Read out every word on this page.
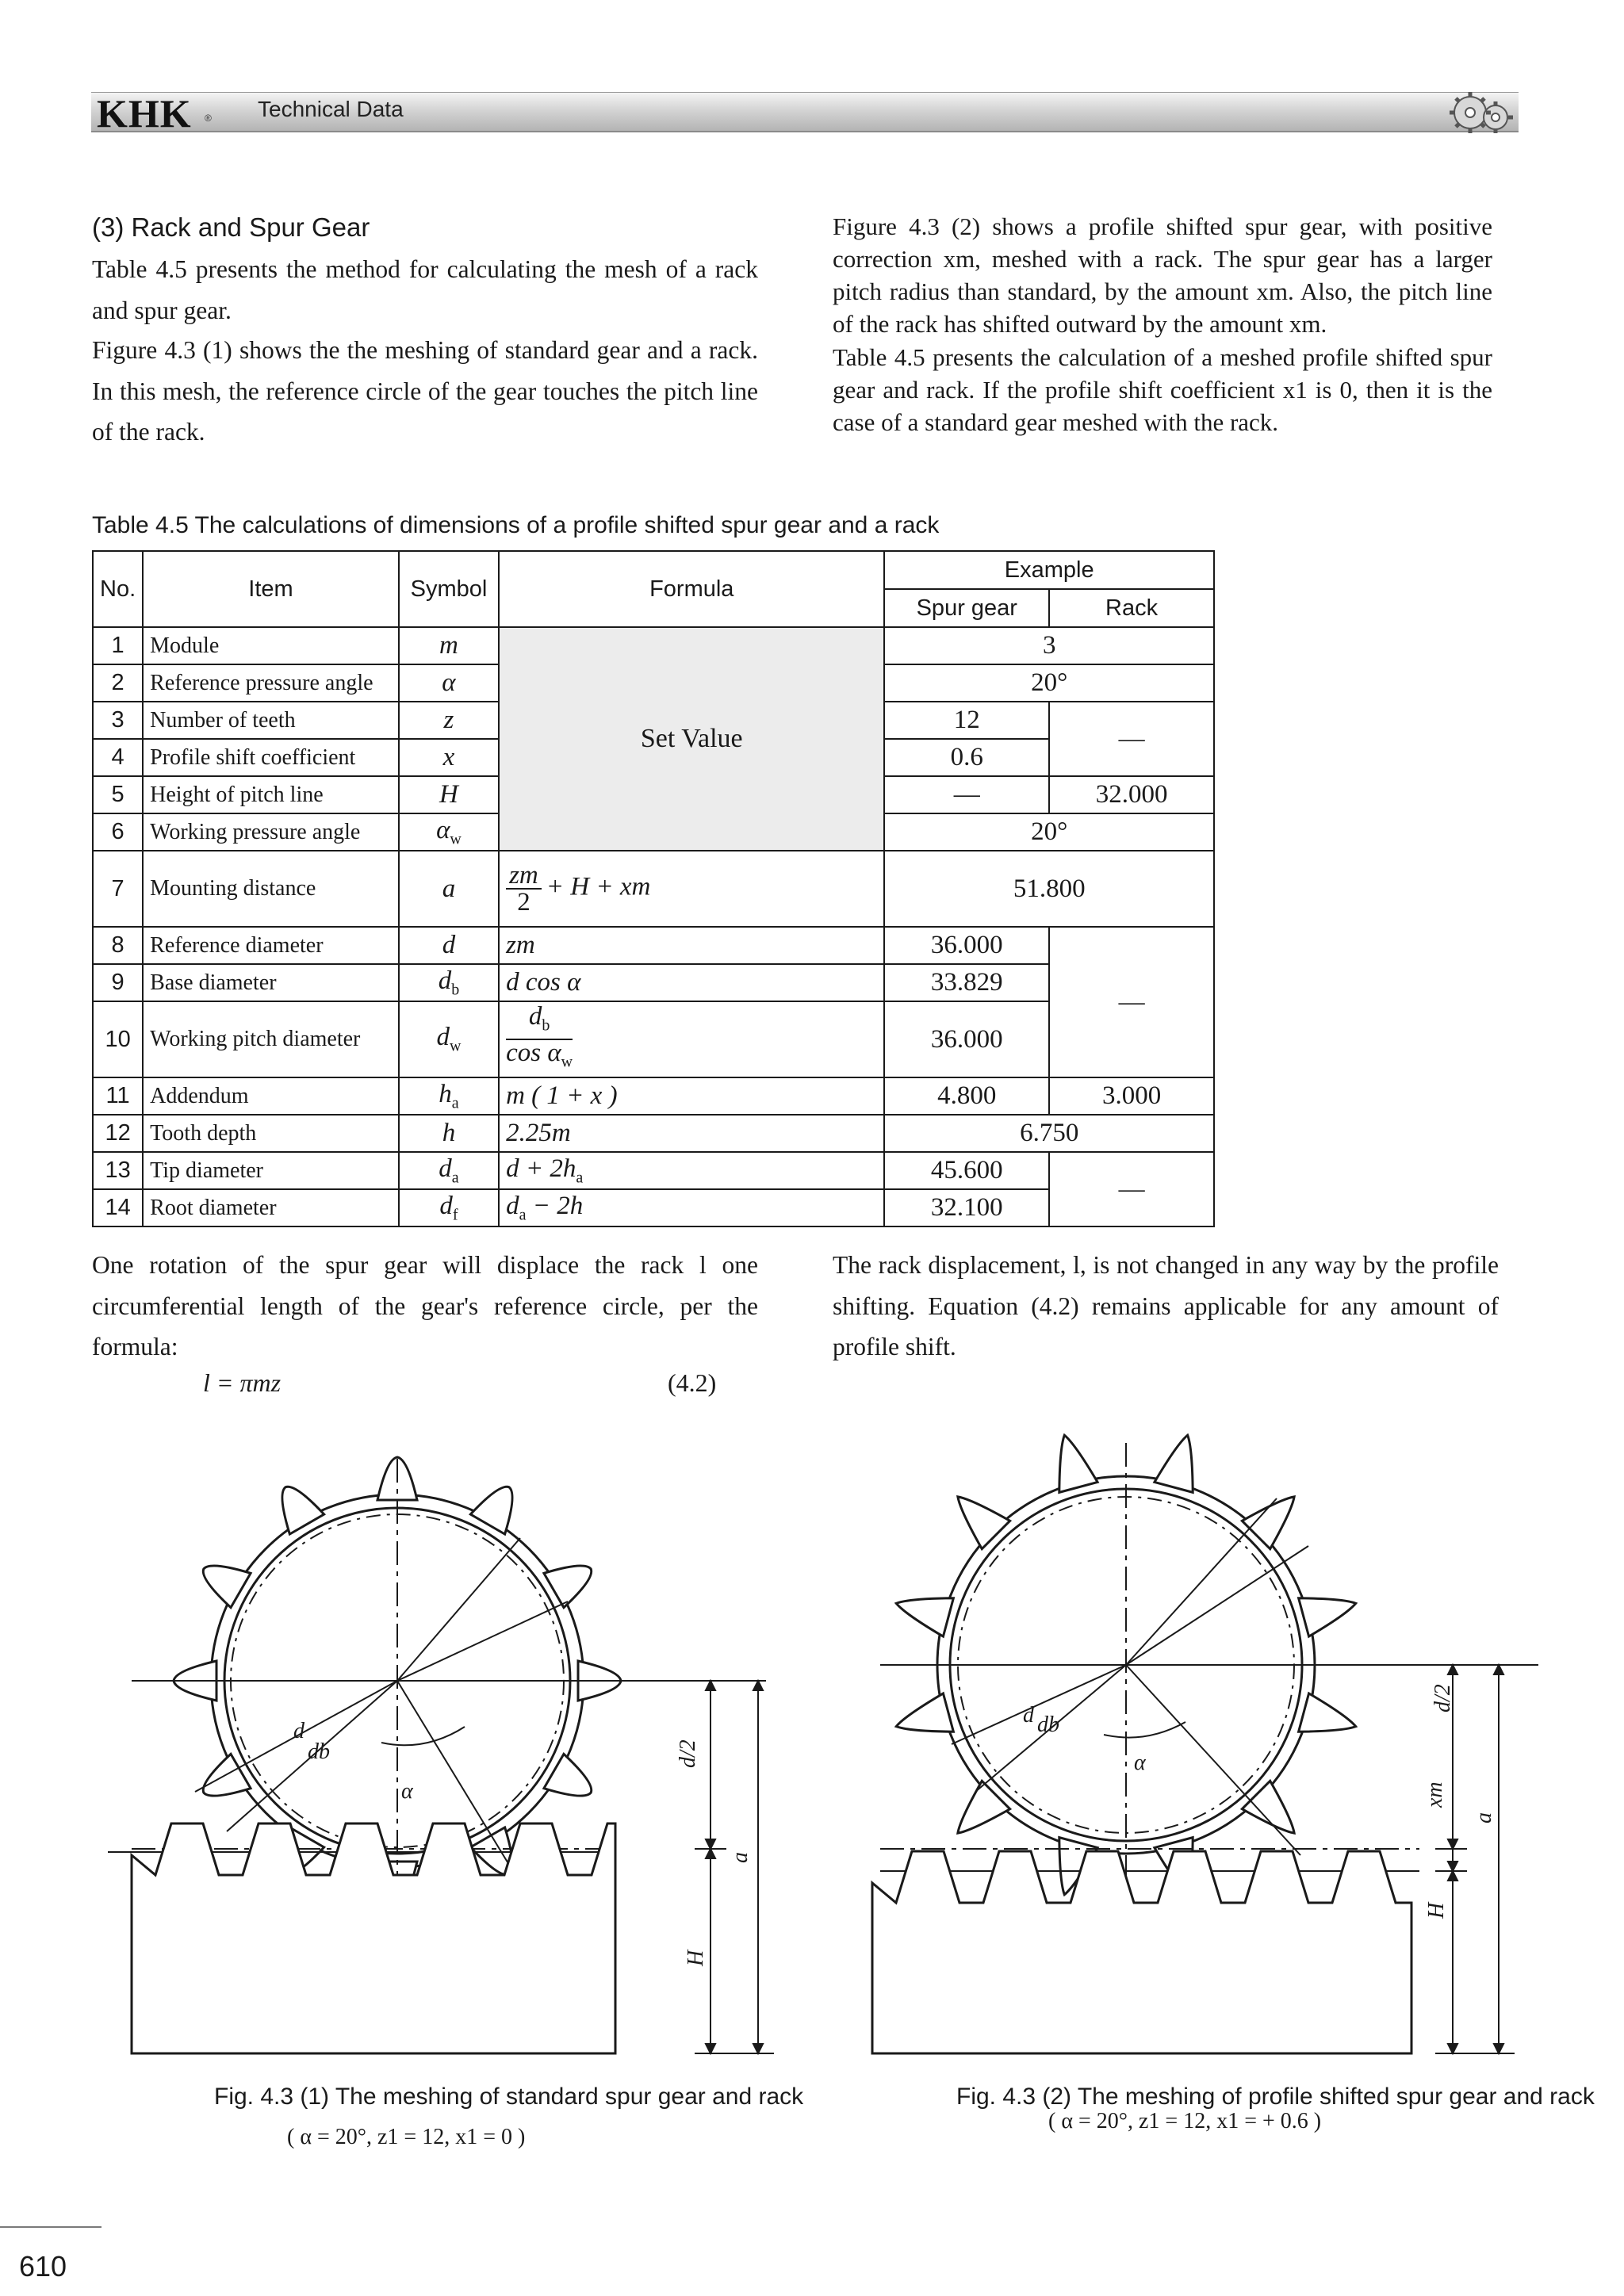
KHK ® Technical Data
(3) Rack and Spur Gear

Table 4.5 presents the method for calculating the mesh of a rack and spur gear.

Figure 4.3 (1) shows the the meshing of standard gear and a rack. In this mesh, the reference circle of the gear touches the pitch line of the rack.

Figure 4.3 (2) shows a profile shifted spur gear, with positive correction xm, meshed with a rack. The spur gear has a larger pitch radius than standard, by the amount xm. Also, the pitch line of the rack has shifted outward by the amount xm.

Table 4.5 presents the calculation of a meshed profile shifted spur gear and rack. If the profile shift coefficient x1 is 0, then it is the case of a standard gear meshed with the rack.

Table 4.5 The calculations of dimensions of a profile shifted spur gear and a rack
No.	Item	Symbol	Formula	Example	
				Spur gear	Rack
1	Module	m	Set Value	3	
2	Reference pressure angle	α		20°	
3	Number of teeth	z		12	—
4	Profile shift coefficient	x		0.6	
5	Height of pitch line	H		—	32.000
6	Working pressure angle	$\alpha_w$		20°	
7	Mounting distance	a	$\frac{zm}{2} + H$ + xm	51.800	
8	Reference diameter	d	zm	36.000	—
9	Base diameter	$d_b$	d cos α	33.829	
10	Working pitch diameter	$d_w$	$\frac{d_b}{\cos \alpha_w}$	36.000	
11	Addendum	$h_a$	m ( 1 + x )	4.800	3.000
12	Tooth depth	h	2.25m	6.750	
13	Tip diameter	$d_a$	$d + 2h_a$	45.600	—
14	Root diameter	$d_f$	$d_a - 2h$	32.100	

One rotation of the spur gear will displace the rack l one circumferential length of the gear's reference circle, per the formula:

l = πmz	(4.2)

The rack displacement, l, is not changed in any way by the profile shifting. Equation (4.2) remains applicable for any amount of profile shift.

d
db
α
d/2
a
H
Fig. 4.3 (1) The meshing of standard spur gear and rack
( α = 20°, z1 = 12, x1 = 0 )
d db
α
d/2
xm
a
H
Fig. 4.3 (2) The meshing of profile shifted spur gear and rack
( α = 20°, z1 = 12, x1 = + 0.6 )
610
